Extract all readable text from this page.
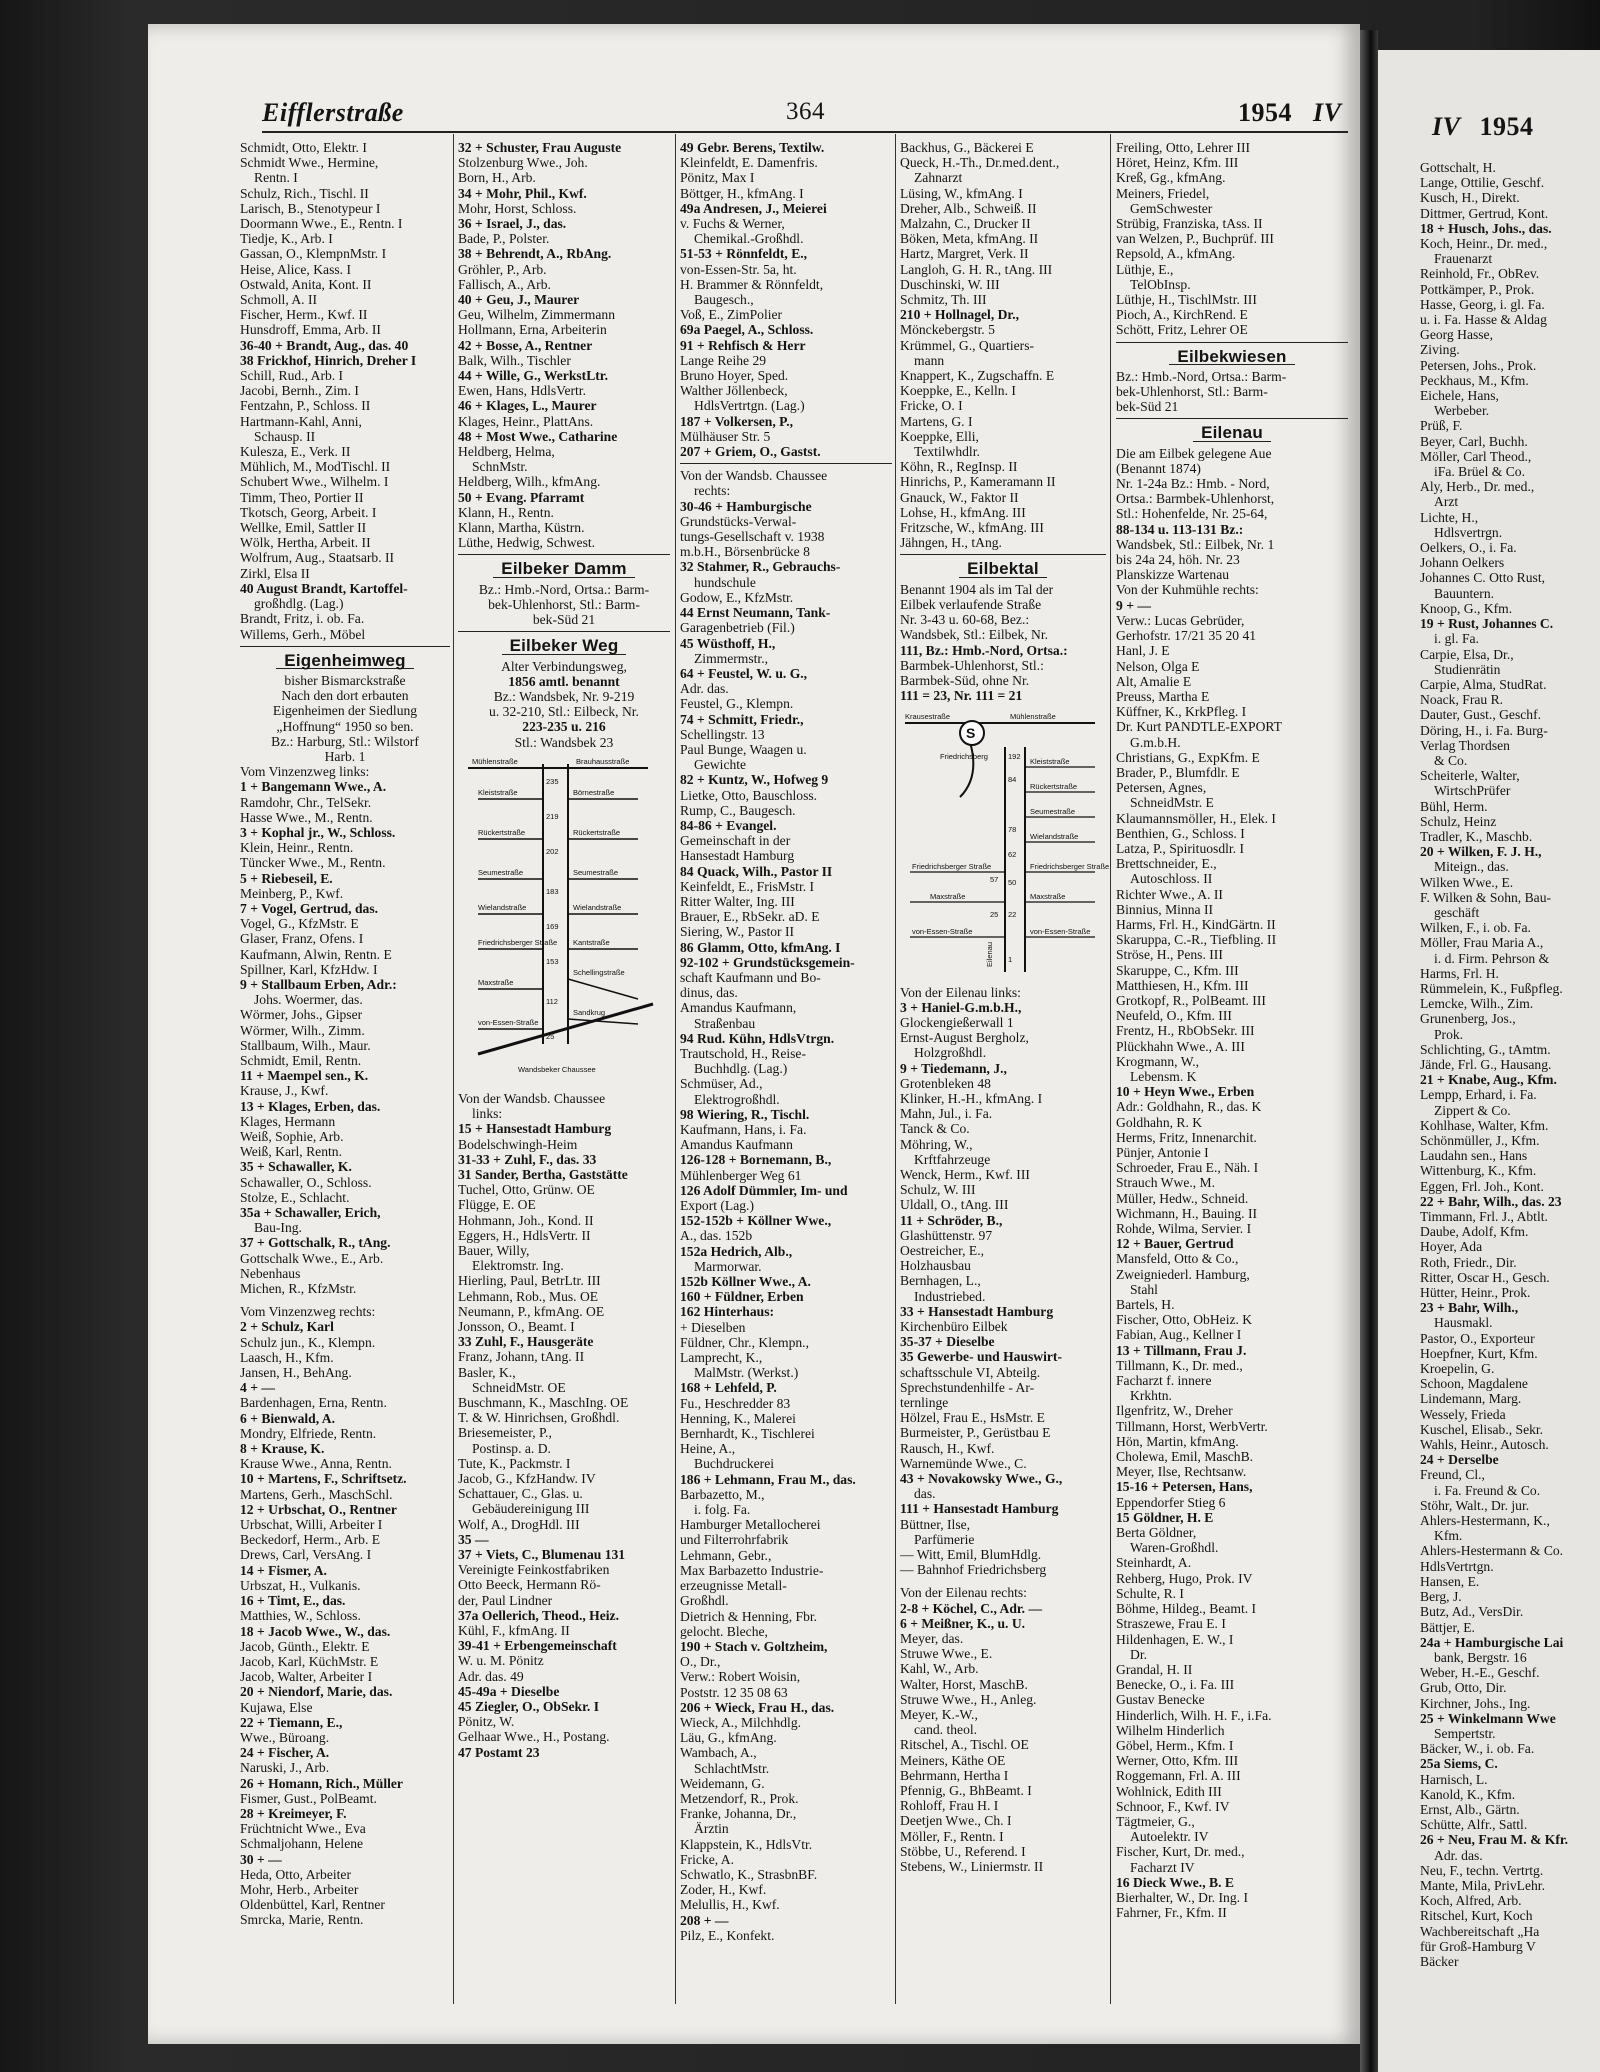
Eifflerstraße	364	1954 IV	IV 1954
Schmidt, Otto, Elektr. I
Schmidt Wwe., Hermine,
Rentn. I
Schulz, Rich., Tischl. II
Larisch, B., Stenotypeur I
Doormann Wwe., E., Rentn. I
Tiedje, K., Arb. I
Gassan, O., KlempnMstr. I
Heise, Alice, Kass. I
Ostwald, Anita, Kont. II
Schmoll, A. II
Fischer, Herm., Kwf. II
Hunsdroff, Emma, Arb. II
36-40 + Brandt, Aug., das. 40
38 Frickhof, Hinrich, Dreher I
Schill, Rud., Arb. I
Jacobi, Bernh., Zim. I
Fentzahn, P., Schloss. II
Hartmann-Kahl, Anni,
Schausp. II
Kulesza, E., Verk. II
Mühlich, M., ModTischl. II
Schubert Wwe., Wilhelm. I
Timm, Theo, Portier II
Tkotsch, Georg, Arbeit. I
Wellke, Emil, Sattler II
Wölk, Hertha, Arbeit. II
Wolfrum, Aug., Staatsarb. II
Zirkl, Elsa II
40 August Brandt, Kartoffel-
großhdlg. (Lag.)
Brandt, Fritz, i. ob. Fa.
Willems, Gerh., Möbel
Eigenheimweg
bisher Bismarckstraße
Nach den dort erbauten
Eigenheimen der Siedlung
„Hoffnung“ 1950 so ben.
Bz.: Harburg, Stl.: Wilstorf
Harb. 1
Vom Vinzenzweg links:
1 + Bangemann Wwe., A.
Ramdohr, Chr., TelSekr.
Hasse Wwe., M., Rentn.
3 + Kophal jr., W., Schloss.
Klein, Heinr., Rentn.
Tüncker Wwe., M., Rentn.
5 + Riebeseil, E.
Meinberg, P., Kwf.
7 + Vogel, Gertrud, das.
Vogel, G., KfzMstr. E
Glaser, Franz, Ofens. I
Kaufmann, Alwin, Rentn. E
Spillner, Karl, KfzHdw. I
9 + Stallbaum Erben, Adr.:
Johs. Woermer, das.
Wörmer, Johs., Gipser
Wörmer, Wilh., Zimm.
Stallbaum, Wilh., Maur.
Schmidt, Emil, Rentn.
11 + Maempel sen., K.
Krause, J., Kwf.
13 + Klages, Erben, das.
Klages, Hermann
Weiß, Sophie, Arb.
Weiß, Karl, Rentn.
35 + Schawaller, K.
Schawaller, O., Schloss.
Stolze, E., Schlacht.
35a + Schawaller, Erich,
Bau-Ing.
37 + Gottschalk, R., tAng.
Gottschalk Wwe., E., Arb.
Nebenhaus
Michen, R., KfzMstr.
Vom Vinzenzweg rechts:
2 + Schulz, Karl
Schulz jun., K., Klempn.
Laasch, H., Kfm.
Jansen, H., BehAng.
4 + —
Bardenhagen, Erna, Rentn.
6 + Bienwald, A.
Mondry, Elfriede, Rentn.
8 + Krause, K.
Krause Wwe., Anna, Rentn.
10 + Martens, F., Schriftsetz.
Martens, Gerh., MaschSchl.
12 + Urbschat, O., Rentner
Urbschat, Willi, Arbeiter I
Beckedorf, Herm., Arb. E
Drews, Carl, VersAng. I
14 + Fismer, A.
Urbszat, H., Vulkanis.
16 + Timt, E., das.
Matthies, W., Schloss.
18 + Jacob Wwe., W., das.
Jacob, Günth., Elektr. E
Jacob, Karl, KüchMstr. E
Jacob, Walter, Arbeiter I
20 + Niendorf, Marie, das.
Kujawa, Else
22 + Tiemann, E.,
Wwe., Büroang.
24 + Fischer, A.
Naruski, J., Arb.
26 + Homann, Rich., Müller
Fismer, Gust., PolBeamt.
28 + Kreimeyer, F.
Früchtnicht Wwe., Eva
Schmaljohann, Helene
30 + —
Heda, Otto, Arbeiter
Mohr, Herb., Arbeiter
Oldenbüttel, Karl, Rentner
Smrcka, Marie, Rentn.
32 + Schuster, Frau Auguste
Stolzenburg Wwe., Joh.
Born, H., Arb.
34 + Mohr, Phil., Kwf.
Mohr, Horst, Schloss.
36 + Israel, J., das.
Bade, P., Polster.
38 + Behrendt, A., RbAng.
Gröhler, P., Arb.
Fallisch, A., Arb.
40 + Geu, J., Maurer
Geu, Wilhelm, Zimmermann
Hollmann, Erna, Arbeiterin
42 + Bosse, A., Rentner
Balk, Wilh., Tischler
44 + Wille, G., WerkstLtr.
Ewen, Hans, HdlsVertr.
46 + Klages, L., Maurer
Klages, Heinr., PlattAns.
48 + Most Wwe., Catharine
Heldberg, Helma,
SchnMstr.
Heldberg, Wilh., kfmAng.
50 + Evang. Pfarramt
Klann, H., Rentn.
Klann, Martha, Küstrn.
Lüthe, Hedwig, Schwest.
Eilbeker Damm
Bz.: Hmb.-Nord, Ortsa.: Barm-
bek-Uhlenhorst, Stl.: Barm-
bek-Süd 21
Eilbeker Weg
Alter Verbindungsweg,
1856 amtl. benannt
Bz.: Wandsbek, Nr. 9-219
u. 32-210, Stl.: Eilbeck, Nr.
223-235 u. 216
Stl.: Wandsbek 23
Mühlenstraße	Brauhausstraße
Kleiststraße
Rückertstraße
Seumestraße
Wielandstraße
Friedrichsberger Straße
Maxstraße
von-Essen-Straße
Börnestraße
Rückertstraße
Seumestraße
Wielandstraße
Kantstraße
Schellingstraße
Sandkrug
Wandsbeker Chaussee
235
219
202
183
169
153
112
25
Von der Wandsb. Chaussee
links:
15 + Hansestadt Hamburg
Bodelschwingh-Heim
31-33 + Zuhl, F., das. 33
31 Sander, Bertha, Gaststätte
Tuchel, Otto, Grünw. OE
Flügge, E. OE
Hohmann, Joh., Kond. II
Eggers, H., HdlsVertr. II
Bauer, Willy,
Elektromstr. Ing.
Hierling, Paul, BetrLtr. III
Lehmann, Rob., Mus. OE
Neumann, P., kfmAng. OE
Jonsson, O., Beamt. I
33 Zuhl, F., Hausgeräte
Franz, Johann, tAng. II
Basler, K.,
SchneidMstr. OE
Buschmann, K., MaschIng. OE
T. & W. Hinrichsen, Großhdl.
Briesemeister, P.,
Postinsp. a. D.
Tute, K., Packmstr. I
Jacob, G., KfzHandw. IV
Schattauer, C., Glas. u.
Gebäudereinigung III
Wolf, A., DrogHdl. III
35 —
37 + Viets, C., Blumenau 131
Vereinigte Feinkostfabriken
Otto Beeck, Hermann Rö-
der, Paul Lindner
37a Oellerich, Theod., Heiz.
Kühl, F., kfmAng. II
39-41 + Erbengemeinschaft
W. u. M. Pönitz
Adr. das. 49
45-49a + Dieselbe
45 Ziegler, O., ObSekr. I
Pönitz, W.
Gelhaar Wwe., H., Postang.
47 Postamt 23
49 Gebr. Berens, Textilw.
Kleinfeldt, E. Damenfris.
Pönitz, Max I
Böttger, H., kfmAng. I
49a Andresen, J., Meierei
v. Fuchs & Werner,
Chemikal.-Großhdl.
51-53 + Rönnfeldt, E.,
von-Essen-Str. 5a, ht.
H. Brammer & Rönnfeldt,
Baugesch.,
Voß, E., ZimPolier
69a Paegel, A., Schloss.
91 + Rehfisch & Herr
Lange Reihe 29
Bruno Hoyer, Sped.
Walther Jöllenbeck,
HdlsVertrtgn. (Lag.)
187 + Volkersen, P.,
Mülhäuser Str. 5
207 + Griem, O., Gastst.
Von der Wandsb. Chaussee
rechts:
30-46 + Hamburgische
Grundstücks-Verwal-
tungs-Gesellschaft v. 1938
m.b.H., Börsenbrücke 8
32 Stahmer, R., Gebrauchs-
hundschule
Godow, E., KfzMstr.
44 Ernst Neumann, Tank-
Garagenbetrieb (Fil.)
45 Wüsthoff, H.,
Zimmermstr.,
64 + Feustel, W. u. G.,
Adr. das.
Feustel, G., Klempn.
74 + Schmitt, Friedr.,
Schellingstr. 13
Paul Bunge, Waagen u.
Gewichte
82 + Kuntz, W., Hofweg 9
Lietke, Otto, Bauschloss.
Rump, C., Baugesch.
84-86 + Evangel.
Gemeinschaft in der
Hansestadt Hamburg
84 Quack, Wilh., Pastor II
Keinfeldt, E., FrisMstr. I
Ritter Walter, Ing. III
Brauer, E., RbSekr. aD. E
Siering, W., Pastor II
86 Glamm, Otto, kfmAng. I
92-102 + Grundstücksgemein-
schaft Kaufmann und Bo-
dinus, das.
Amandus Kaufmann,
Straßenbau
94 Rud. Kühn, HdlsVtrgn.
Trautschold, H., Reise-
Buchhdlg. (Lag.)
Schmüser, Ad.,
Elektrogroßhdl.
98 Wiering, R., Tischl.
Kaufmann, Hans, i. Fa.
Amandus Kaufmann
126-128 + Bornemann, B.,
Mühlenberger Weg 61
126 Adolf Dümmler, Im- und
Export (Lag.)
152-152b + Köllner Wwe.,
A., das. 152b
152a Hedrich, Alb.,
Marmorwar.
152b Köllner Wwe., A.
160 + Füldner, Erben
162 Hinterhaus:
+ Dieselben
Füldner, Chr., Klempn.,
Lamprecht, K.,
MalMstr. (Werkst.)
168 + Lehfeld, P.
Fu., Heschredder 83
Henning, K., Malerei
Bernhardt, K., Tischlerei
Heine, A.,
Buchdruckerei
186 + Lehmann, Frau M., das.
Barbazetto, M.,
i. folg. Fa.
Hamburger Metallocherei
und Filterrohrfabrik
Lehmann, Gebr.,
Max Barbazetto Industrie-
erzeugnisse Metall-
Großhdl.
Dietrich & Henning, Fbr.
gelocht. Bleche,
190 + Stach v. Goltzheim,
O., Dr.,
Verw.: Robert Woisin,
Poststr. 12 35 08 63
206 + Wieck, Frau H., das.
Wieck, A., Milchhdlg.
Läu, G., kfmAng.
Wambach, A.,
SchlachtMstr.
Weidemann, G.
Metzendorf, R., Prok.
Franke, Johanna, Dr.,
Ärztin
Klappstein, K., HdlsVtr.
Fricke, A.
Schwatlo, K., StrasbnBF.
Zoder, H., Kwf.
Melullis, H., Kwf.
208 + —
Pilz, E., Konfekt.
Backhus, G., Bäckerei E
Queck, H.-Th., Dr.med.dent.,
Zahnarzt
Lüsing, W., kfmAng. I
Dreher, Alb., Schweiß. II
Malzahn, C., Drucker II
Böken, Meta, kfmAng. II
Hartz, Margret, Verk. II
Langloh, G. H. R., tAng. III
Duschinski, W. III
Schmitz, Th. III
210 + Hollnagel, Dr.,
Mönckebergstr. 5
Krümmel, G., Quartiers-
mann
Knappert, K., Zugschaffn. E
Koeppke, E., Kelln. I
Fricke, O. I
Martens, G. I
Koeppke, Elli,
Textilwhdlr.
Köhn, R., RegInsp. II
Hinrichs, P., Kameramann II
Gnauck, W., Faktor II
Lohse, H., kfmAng. III
Fritzsche, W., kfmAng. III
Jähngen, H., tAng.
Eilbektal
Benannt 1904 als im Tal der
Eilbek verlaufende Straße
Nr. 3-43 u. 60-68, Bez.:
Wandsbek, Stl.: Eilbek, Nr.
111, Bz.: Hmb.-Nord, Ortsa.:
Barmbek-Uhlenhorst, Stl.:
Barmbek-Süd, ohne Nr.
111 = 23, Nr. 111 = 21
S
Krausestraße	Mühlenstraße
Friedrichsberg
Kleiststraße
Rückertstraße
Seumestraße
Wielandstraße
Friedrichsberger Straße
Maxstraße
von-Essen-Straße
Friedrichsberger Straße
Maxstraße
von-Essen-Straße
192
84
78
62
57 50
25 22
1
Eilenau
Von der Eilenau links:
3 + Haniel-G.m.b.H.,
Glockengießerwall 1
Ernst-August Bergholz,
Holzgroßhdl.
9 + Tiedemann, J.,
Grotenbleken 48
Klinker, H.-H., kfmAng. I
Mahn, Jul., i. Fa.
Tanck & Co.
Möhring, W.,
Krftfahrzeuge
Wenck, Herm., Kwf. III
Schulz, W. III
Uldall, O., tAng. III
11 + Schröder, B.,
Glashüttenstr. 97
Oestreicher, E.,
Holzhausbau
Bernhagen, L.,
Industriebed.
33 + Hansestadt Hamburg
Kirchenbüro Eilbek
35-37 + Dieselbe
35 Gewerbe- und Hauswirt-
schaftsschule VI, Abteilg.
Sprechstundenhilfe - Ar-
ternlinge
Hölzel, Frau E., HsMstr. E
Burmeister, P., Gerüstbau E
Rausch, H., Kwf.
Warnemünde Wwe., C.
43 + Novakowsky Wwe., G.,
das.
111 + Hansestadt Hamburg
Büttner, Ilse,
Parfümerie
— Witt, Emil, BlumHdlg.
— Bahnhof Friedrichsberg
Von der Eilenau rechts:
2-8 + Köchel, C., Adr. —
6 + Meißner, K., u. U.
Meyer, das.
Struwe Wwe., E.
Kahl, W., Arb.
Walter, Horst, MaschB.
Struwe Wwe., H., Anleg.
Meyer, K.-W.,
cand. theol.
Ritschel, A., Tischl. OE
Meiners, Käthe OE
Behrmann, Hertha I
Pfennig, G., BhBeamt. I
Rohloff, Frau H. I
Deetjen Wwe., Ch. I
Möller, F., Rentn. I
Stöbbe, U., Referend. I
Stebens, W., Liniermstr. II
Freiling, Otto, Lehrer III
Höret, Heinz, Kfm. III
Kreß, Gg., kfmAng.
Meiners, Friedel,
GemSchwester
Strübig, Franziska, tAss. II
van Welzen, P., Buchprüf. III
Repsold, A., kfmAng.
Lüthje, E.,
TelObInsp.
Lüthje, H., TischlMstr. III
Pioch, A., KirchRend. E
Schött, Fritz, Lehrer OE
Eilbekwiesen
Bz.: Hmb.-Nord, Ortsa.: Barm-
bek-Uhlenhorst, Stl.: Barm-
bek-Süd 21
Eilenau
Die am Eilbek gelegene Aue
(Benannt 1874)
Nr. 1-24a Bz.: Hmb. - Nord,
Ortsa.: Barmbek-Uhlenhorst,
Stl.: Hohenfelde, Nr. 25-64,
88-134 u. 113-131 Bz.:
Wandsbek, Stl.: Eilbek, Nr. 1
bis 24a 24, höh. Nr. 23
Planskizze Wartenau
Von der Kuhmühle rechts:
9 + —
Verw.: Lucas Gebrüder,
Gerhofstr. 17/21 35 20 41
Hanl, J. E
Nelson, Olga E
Alt, Amalie E
Preuss, Martha E
Küffner, K., KrkPfleg. I
Dr. Kurt PANDTLE-EXPORT
G.m.b.H.
Christians, G., ExpKfm. E
Brader, P., Blumfdlr. E
Petersen, Agnes,
SchneidMstr. E
Klaumannsmöller, H., Elek. I
Benthien, G., Schloss. I
Latza, P., Spirituosdlr. I
Brettschneider, E.,
Autoschloss. II
Richter Wwe., A. II
Binnius, Minna II
Harms, Frl. H., KindGärtn. II
Skaruppa, C.-R., Tiefbling. II
Ströse, H., Pens. III
Skaruppe, C., Kfm. III
Matthiesen, H., Kfm. III
Grotkopf, R., PolBeamt. III
Neufeld, O., Kfm. III
Frentz, H., RbObSekr. III
Plückhahn Wwe., A. III
Krogmann, W.,
Lebensm. K
10 + Heyn Wwe., Erben
Adr.: Goldhahn, R., das. K
Goldhahn, R. K
Herms, Fritz, Innenarchit.
Pünjer, Antonie I
Schroeder, Frau E., Näh. I
Strauch Wwe., M.
Müller, Hedw., Schneid.
Wichmann, H., Bauing. II
Rohde, Wilma, Servier. I
12 + Bauer, Gertrud
Mansfeld, Otto & Co.,
Zweigniederl. Hamburg,
Stahl
Bartels, H.
Fischer, Otto, ObHeiz. K
Fabian, Aug., Kellner I
13 + Tillmann, Frau J.
Tillmann, K., Dr. med.,
Facharzt f. innere
Krkhtn.
Ilgenfritz, W., Dreher
Tillmann, Horst, WerbVertr.
Hön, Martin, kfmAng.
Cholewa, Emil, MaschB.
Meyer, Ilse, Rechtsanw.
15-16 + Petersen, Hans,
Eppendorfer Stieg 6
15 Göldner, H. E
Berta Göldner,
Waren-Großhdl.
Steinhardt, A.
Rehberg, Hugo, Prok. IV
Schulte, R. I
Böhme, Hildeg., Beamt. I
Straszewe, Frau E. I
Hildenhagen, E. W., I
Dr.
Grandal, H. II
Benecke, O., i. Fa. III
Gustav Benecke
Hinderlich, Wilh. H. F., i.Fa.
Wilhelm Hinderlich
Göbel, Herm., Kfm. I
Werner, Otto, Kfm. III
Roggemann, Frl. A. III
Wohlnick, Edith III
Schnoor, F., Kwf. IV
Tägtmeier, G.,
Autoelektr. IV
Fischer, Kurt, Dr. med.,
Facharzt IV
16 Dieck Wwe., B. E
Bierhalter, W., Dr. Ing. I
Fahrner, Fr., Kfm. II
Gottschalt, H.
Lange, Ottilie, Geschf.
Kusch, H., Direkt.
Dittmer, Gertrud, Kont.
18 + Husch, Johs., das.
Koch, Heinr., Dr. med.,
Frauenarzt
Reinhold, Fr., ObRev.
Pottkämper, P., Prok.
Hasse, Georg, i. gl. Fa.
u. i. Fa. Hasse & Aldag
Georg Hasse,
Ziving.
Petersen, Johs., Prok.
Peckhaus, M., Kfm.
Eichele, Hans,
Werbeber.
Prüß, F.
Beyer, Carl, Buchh.
Möller, Carl Theod.,
iFa. Brüel & Co.
Aly, Herb., Dr. med.,
Arzt
Lichte, H.,
Hdlsvertrgn.
Oelkers, O., i. Fa.
Johann Oelkers
Johannes C. Otto Rust,
Bauuntern.
Knoop, G., Kfm.
19 + Rust, Johannes C.
i. gl. Fa.
Carpie, Elsa, Dr.,
Studienrätin
Carpie, Alma, StudRat.
Noack, Frau R.
Dauter, Gust., Geschf.
Döring, H., i. Fa. Burg-
Verlag Thordsen
& Co.
Scheiterle, Walter,
WirtschPrüfer
Bühl, Herm.
Schulz, Heinz
Tradler, K., Maschb.
20 + Wilken, F. J. H.,
Miteign., das.
Wilken Wwe., E.
F. Wilken & Sohn, Bau-
geschäft
Wilken, F., i. ob. Fa.
Möller, Frau Maria A.,
i. d. Firm. Pehrson &
Harms, Frl. H.
Rümmelein, K., Fußpfleg.
Lemcke, Wilh., Zim.
Grunenberg, Jos.,
Prok.
Schlichting, G., tAmtm.
Jände, Frl. G., Hausang.
21 + Knabe, Aug., Kfm.
Lempp, Erhard, i. Fa.
Zippert & Co.
Kohlhase, Walter, Kfm.
Schönmüller, J., Kfm.
Laudahn sen., Hans
Wittenburg, K., Kfm.
Eggen, Frl. Joh., Kont.
22 + Bahr, Wilh., das. 23
Timmann, Frl. J., Abtlt.
Daube, Adolf, Kfm.
Hoyer, Ada
Roth, Friedr., Dir.
Ritter, Oscar H., Gesch.
Hütter, Heinr., Prok.
23 + Bahr, Wilh.,
Hausmakl.
Pastor, O., Exporteur
Hoepfner, Kurt, Kfm.
Kroepelin, G.
Schoon, Magdalene
Lindemann, Marg.
Wessely, Frieda
Kuschel, Elisab., Sekr.
Wahls, Heinr., Autosch.
24 + Derselbe
Freund, Cl.,
i. Fa. Freund & Co.
Stöhr, Walt., Dr. jur.
Ahlers-Hestermann, K.,
Kfm.
Ahlers-Hestermann & Co.
HdlsVertrtgn.
Hansen, E.
Berg, J.
Butz, Ad., VersDir.
Bättjer, E.
24a + Hamburgische Lai
bank, Bergstr. 16
Weber, H.-E., Geschf.
Grub, Otto, Dir.
Kirchner, Johs., Ing.
25 + Winkelmann Wwe
Sempertstr.
Bäcker, W., i. ob. Fa.
25a Siems, C.
Harnisch, L.
Kanold, K., Kfm.
Ernst, Alb., Gärtn.
Schütte, Alfr., Sattl.
26 + Neu, Frau M. & Kfr.
Adr. das.
Neu, F., techn. Vertrtg.
Mante, Mila, PrivLehr.
Koch, Alfred, Arb.
Ritschel, Kurt, Koch
Wachbereitschaft „Ha
für Groß-Hamburg V
Bäcker
